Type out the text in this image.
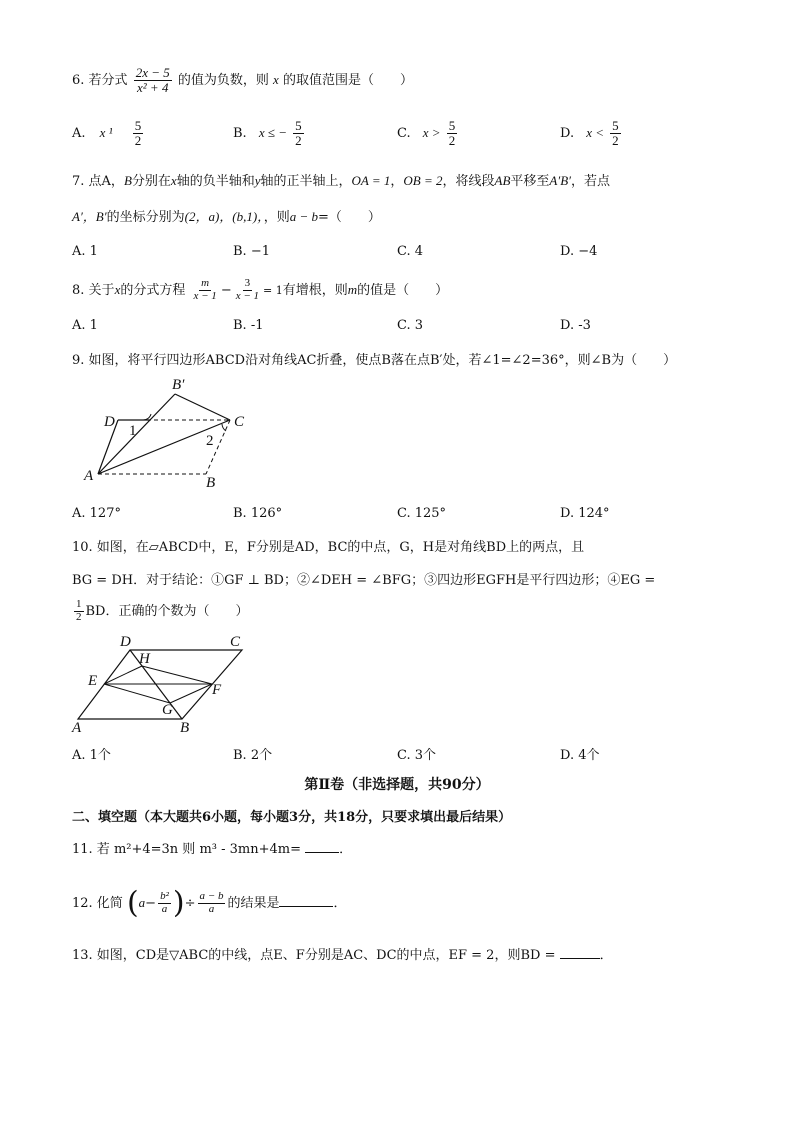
6. 若分式 $\frac{2x - 5}{\text{x² + 4}}$ 的值为负数，则 x 的取值范围是（　　）
A. x $^1 \frac{5}{2}$	B. x ≤ − $\frac{5}{2}$	C. $x > \frac{5}{2}$	D. $x < \frac{5}{2}$
7. 点A，B分别在x轴的负半轴和y轴的正半轴上，OA = 1，OB = 2，将线段AB平移至A′B′，若点
A′，B′的坐标分别为(2，a)，(b,1)，，则a − b=（　　）
A. 1	B. −1	C. 4	D. −4
8. 关于x的分式方程 $\frac{m}{x - 1} - \frac{3}{x - 1} = 1$有增根，则m的值是（　　）
A. 1	B. -1	C. 3	D. -3
9. 如图，将平行四边形ABCD沿对角线AC折叠，使点B落在点B′处，若∠1=∠2=36°，则∠B为（　　）
B′
D	C
A	B
1
2
A. 127°	B. 126°	C. 125°	D. 124°
10. 如图，在▱ABCD中，E，F分别是AD，BC的中点，G，H是对角线BD上的两点，且
BG = DH．对于结论：①GF ⊥ BD；②∠DEH = ∠BFG；③四边形EGFH是平行四边形；④EG =
$\frac{1}{2}$ BD．正确的个数为（　　）
D	C
H
E
F
G
A	B
A. 1个	B. 2个	C. 3个	D. 4个
第Ⅱ卷（非选择题，共90分）
二、填空题（本大题共6小题，每小题3分，共18分，只要求填出最后结果）
11. 若 m²+4=3n 则 m³ - 3mn+4m=	．
12. 化简 ($a- \frac{\text{b²}}{a}$ )÷ $\frac{a - b}{a}$ 的结果是	．
13. 如图，CD是▽ABC的中线，点E、F分别是AC、DC的中点，EF = 2，则BD =	．
